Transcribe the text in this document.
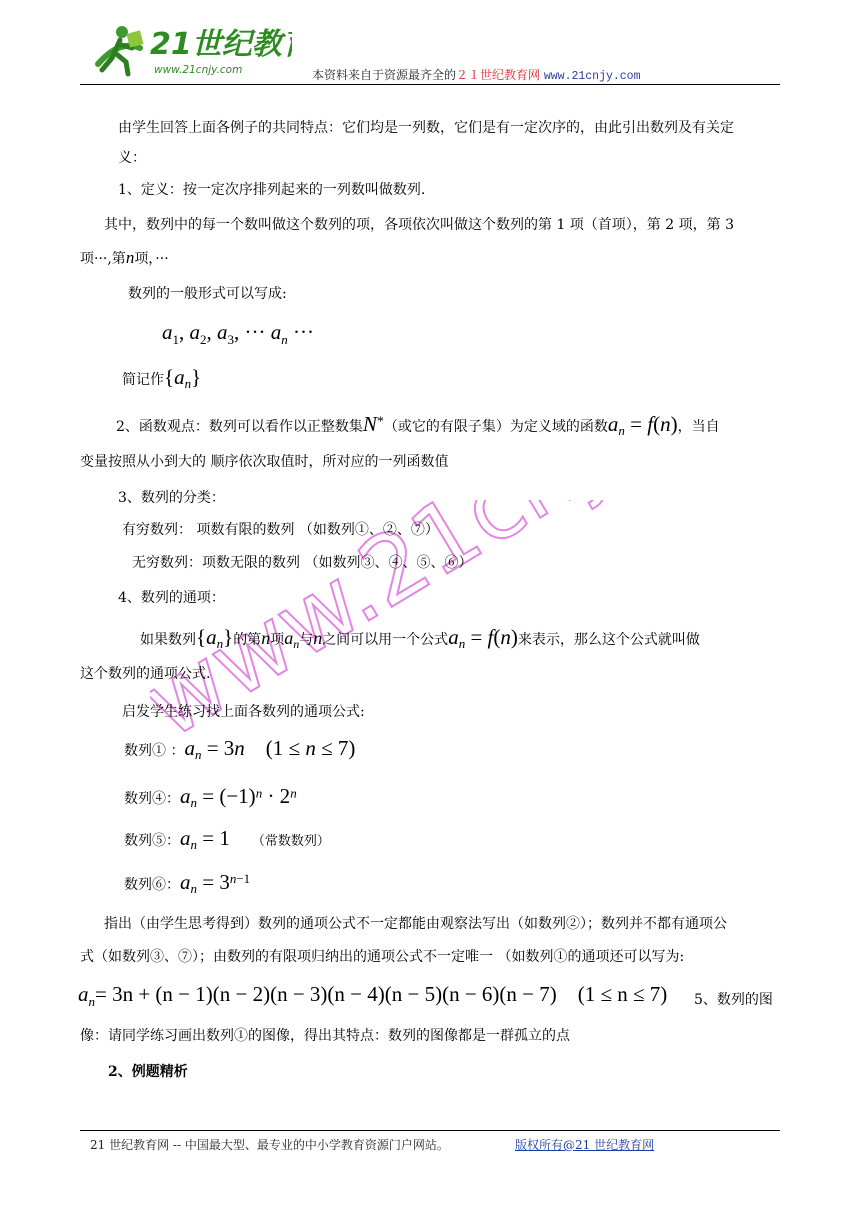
21世纪教
www.21cnjy.com	本资料来自于资源最齐全的２１世纪教育网 www.21cnjy.com
由学生回答上面各例子的共同特点：它们均是一列数，它们是有一定次序的，由此引出数列及有关定
义：
1、定义：按一定次序排列起来的一列数叫做数列.
其中，数列中的每一个数叫做这个数列的项，各项依次叫做这个数列的第 1 项（首项），第 2 项，第 3
项···,第n项，···
数列的一般形式可以写成:
$a_1$, $a_2$, $a_3$, ··· $a_n$ ···
简记作$\{a_n\}$
2、函数观点：数列可以看作以正整数集N*（或它的有限子集）为定义域的函数$a_n = f(n)$，当自
变量按照从小到大的 顺序依次取值时，所对应的一列函数值
3、数列的分类：
有穷数列： 项数有限的数列 （如数列①、②、⑦）
无穷数列：项数无限的数列 （如数列③、④、⑤、⑥）
4、数列的通项：
如果数列$\{a_n\}$的第n项$a_n$与n之间可以用一个公式$a_n = f(n)$来表示，那么这个公式就叫做
这个数列的通项公式.
启发学生练习找上面各数列的通项公式:
数列① ：$a_n = 3n$    (1 ≤ n ≤ 7)
数列④：$a_n = (-1)^n \cdot 2^n$
数列⑤：$a_n = 1$ （常数数列）
数列⑥：$a_n = 3^{n-1}$
指出（由学生思考得到）数列的通项公式不一定都能由观察法写出（如数列②）；数列并不都有通项公
式（如数列③、⑦）；由数列的有限项归纳出的通项公式不一定唯一 （如数列①的通项还可以写为:
$a_n= 3n + (n - 1)(n - 2)(n - 3)(n - 4)(n - 5)(n - 6)(n - 7) (1 \le n \le 7)$ 5、数列的图
像：请同学练习画出数列①的图像，得出其特点：数列的图像都是一群孤立的点
2、例题精析
21 世纪教育网 -- 中国最大型、最专业的中小学教育资源门户网站。	版权所有@21 世纪教育网
